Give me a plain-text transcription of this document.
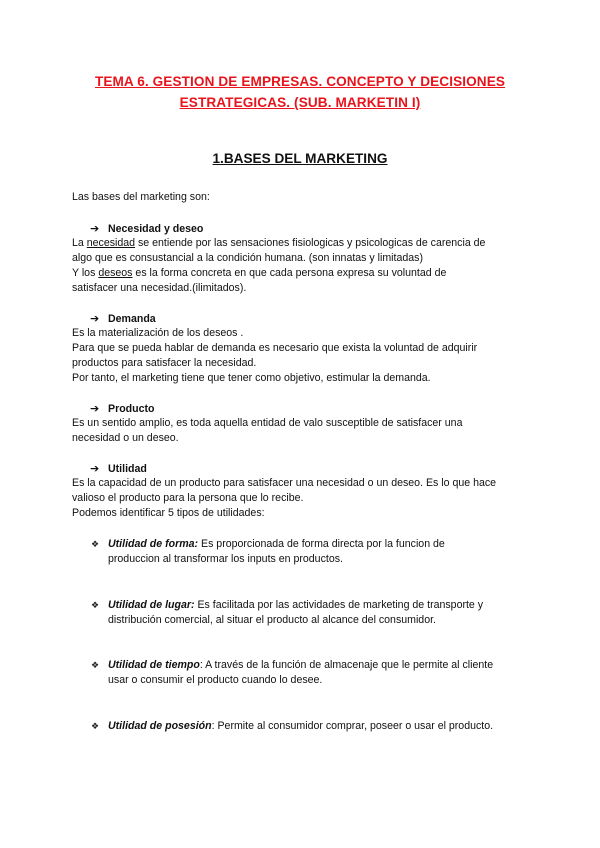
TEMA 6. GESTION DE EMPRESAS. CONCEPTO Y DECISIONES
ESTRATEGICAS. (SUB. MARKETIN I)
1.BASES DEL MARKETING
Las bases del marketing son:
➔ Necesidad y deseo
La necesidad se entiende por las sensaciones fisiologicas y psicologicas de carencia de
algo que es consustancial a la condición humana. (son innatas y limitadas)
Y los deseos es la forma concreta en que cada persona expresa su voluntad de
satisfacer una necesidad.(ilimitados).
➔ Demanda
Es la materialización de los deseos .
Para que se pueda hablar de demanda es necesario que exista la voluntad de adquirir
productos para satisfacer la necesidad.
Por tanto, el marketing tiene que tener como objetivo, estimular la demanda.
➔ Producto
Es un sentido amplio, es toda aquella entidad de valo susceptible de satisfacer una
necesidad o un deseo.
➔ Utilidad
Es la capacidad de un producto para satisfacer una necesidad o un deseo. Es lo que hace
valioso el producto para la persona que lo recibe.
Podemos identificar 5 tipos de utilidades:
❖ Utilidad de forma: Es proporcionada de forma directa por la funcion de
produccion al transformar los inputs en productos.
❖ Utilidad de lugar: Es facilitada por las actividades de marketing de transporte y
distribución comercial, al situar el producto al alcance del consumidor.
❖ Utilidad de tiempo: A través de la función de almacenaje que le permite al cliente
usar o consumir el producto cuando lo desee.
❖ Utilidad de posesión: Permite al consumidor comprar, poseer o usar el producto.
